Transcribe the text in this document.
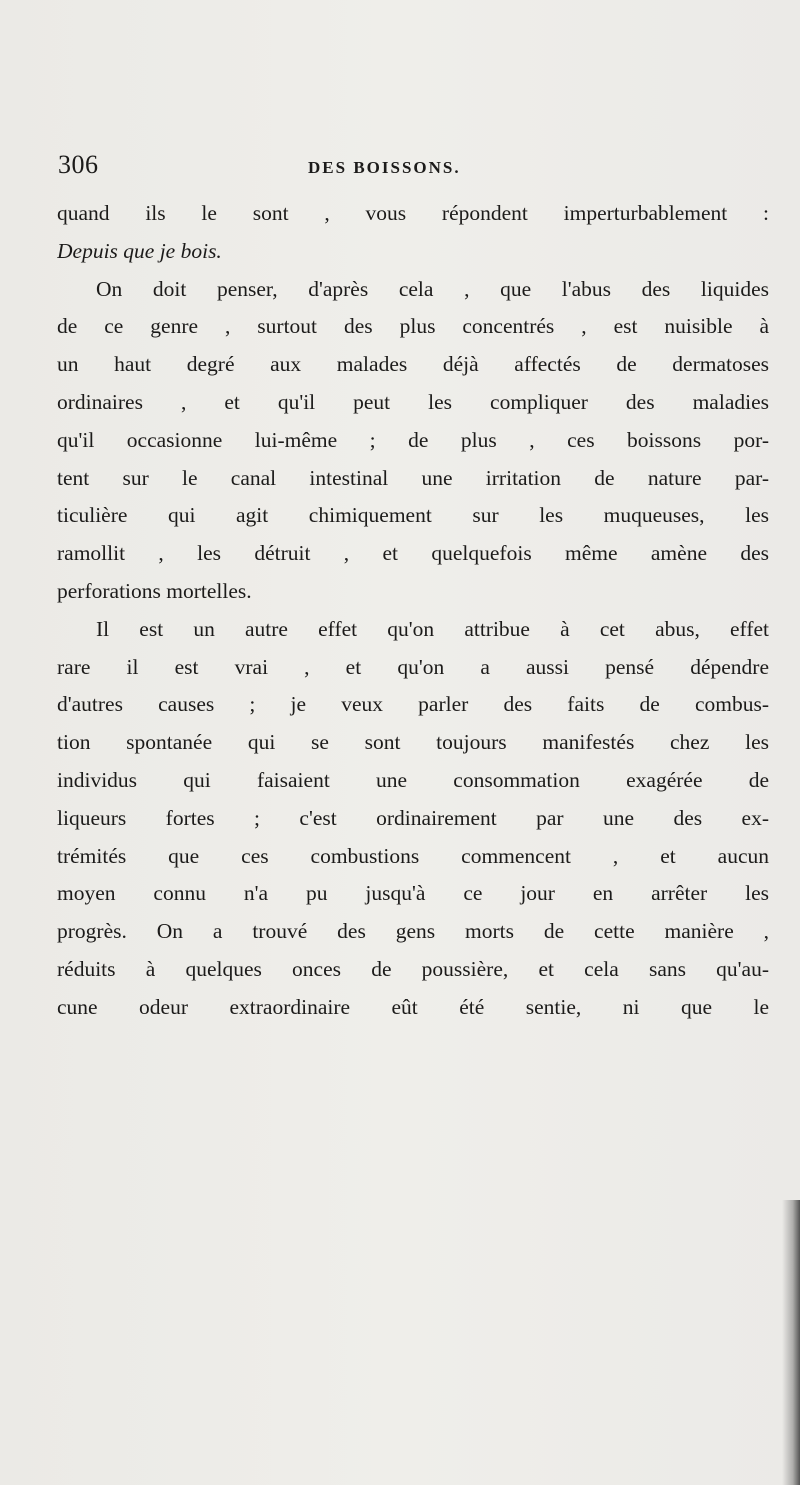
306	DES BOISSONS.
quand ils le sont , vous répondent imperturbablement :
Depuis que je bois.
On doit penser, d'après cela , que l'abus des liquides
de ce genre , surtout des plus concentrés , est nuisible à
un haut degré aux malades déjà affectés de dermatoses
ordinaires , et qu'il peut les compliquer des maladies
qu'il occasionne lui-même ; de plus , ces boissons por-
tent sur le canal intestinal une irritation de nature par-
ticulière qui agit chimiquement sur les muqueuses, les
ramollit , les détruit , et quelquefois même amène des
perforations mortelles.
Il est un autre effet qu'on attribue à cet abus, effet
rare il est vrai , et qu'on a aussi pensé dépendre
d'autres causes ; je veux parler des faits de combus-
tion spontanée qui se sont toujours manifestés chez les
individus qui faisaient une consommation exagérée de
liqueurs fortes ; c'est ordinairement par une des ex-
trémités que ces combustions commencent , et aucun
moyen connu n'a pu jusqu'à ce jour en arrêter les
progrès. On a trouvé des gens morts de cette manière ,
réduits à quelques onces de poussière, et cela sans qu'au-
cune odeur extraordinaire eût été sentie, ni que le
